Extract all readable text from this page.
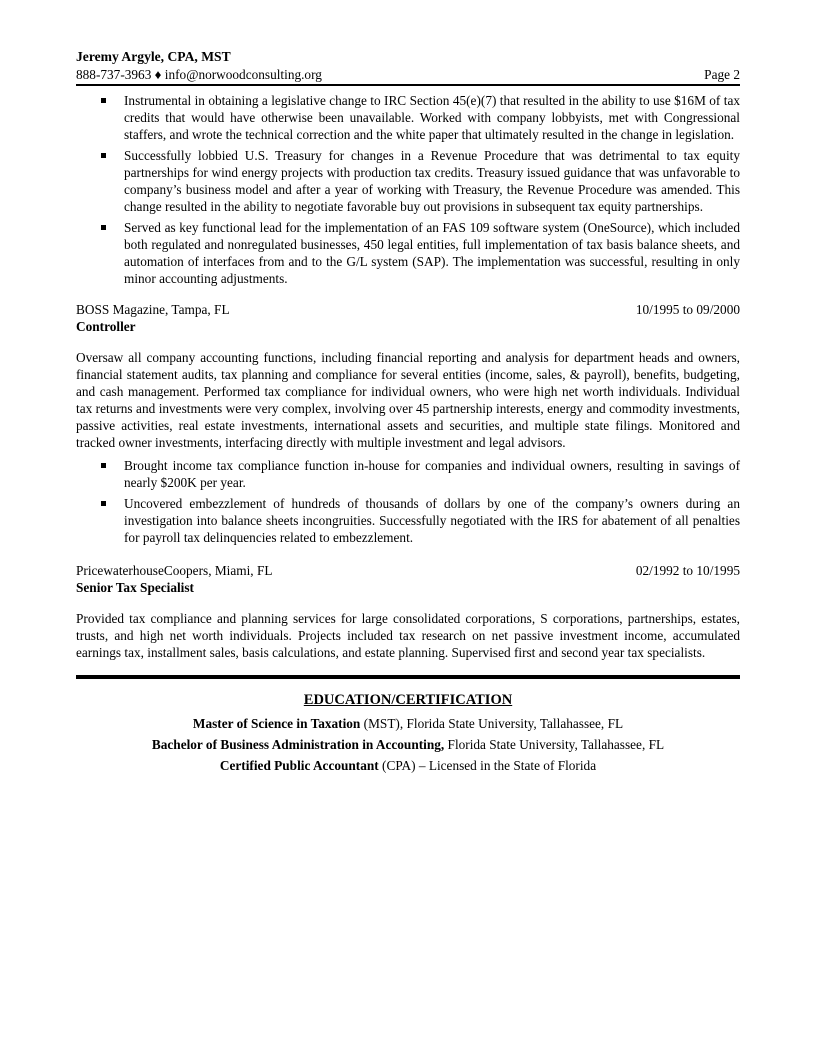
Jeremy Argyle, CPA, MST
888-737-3963 ♦ info@norwoodconsulting.org	Page 2
Instrumental in obtaining a legislative change to IRC Section 45(e)(7) that resulted in the ability to use $16M of tax credits that would have otherwise been unavailable. Worked with company lobbyists, met with Congressional staffers, and wrote the technical correction and the white paper that ultimately resulted in the change in legislation.
Successfully lobbied U.S. Treasury for changes in a Revenue Procedure that was detrimental to tax equity partnerships for wind energy projects with production tax credits. Treasury issued guidance that was unfavorable to company’s business model and after a year of working with Treasury, the Revenue Procedure was amended. This change resulted in the ability to negotiate favorable buy out provisions in subsequent tax equity partnerships.
Served as key functional lead for the implementation of an FAS 109 software system (OneSource), which included both regulated and nonregulated businesses, 450 legal entities, full implementation of tax basis balance sheets, and automation of interfaces from and to the G/L system (SAP). The implementation was successful, resulting in only minor accounting adjustments.
BOSS Magazine, Tampa, FL	10/1995 to 09/2000
Controller
Oversaw all company accounting functions, including financial reporting and analysis for department heads and owners, financial statement audits, tax planning and compliance for several entities (income, sales, & payroll), benefits, budgeting, and cash management. Performed tax compliance for individual owners, who were high net worth individuals. Individual tax returns and investments were very complex, involving over 45 partnership interests, energy and commodity investments, passive activities, real estate investments, international assets and securities, and multiple state filings. Monitored and tracked owner investments, interfacing directly with multiple investment and legal advisors.
Brought income tax compliance function in-house for companies and individual owners, resulting in savings of nearly $200K per year.
Uncovered embezzlement of hundreds of thousands of dollars by one of the company’s owners during an investigation into balance sheets incongruities. Successfully negotiated with the IRS for abatement of all penalties for payroll tax delinquencies related to embezzlement.
PricewaterhouseCoopers, Miami, FL	02/1992 to 10/1995
Senior Tax Specialist
Provided tax compliance and planning services for large consolidated corporations, S corporations, partnerships, estates, trusts, and high net worth individuals. Projects included tax research on net passive investment income, accumulated earnings tax, installment sales, basis calculations, and estate planning. Supervised first and second year tax specialists.
EDUCATION/CERTIFICATION
Master of Science in Taxation (MST), Florida State University, Tallahassee, FL
Bachelor of Business Administration in Accounting, Florida State University, Tallahassee, FL
Certified Public Accountant (CPA) – Licensed in the State of Florida
